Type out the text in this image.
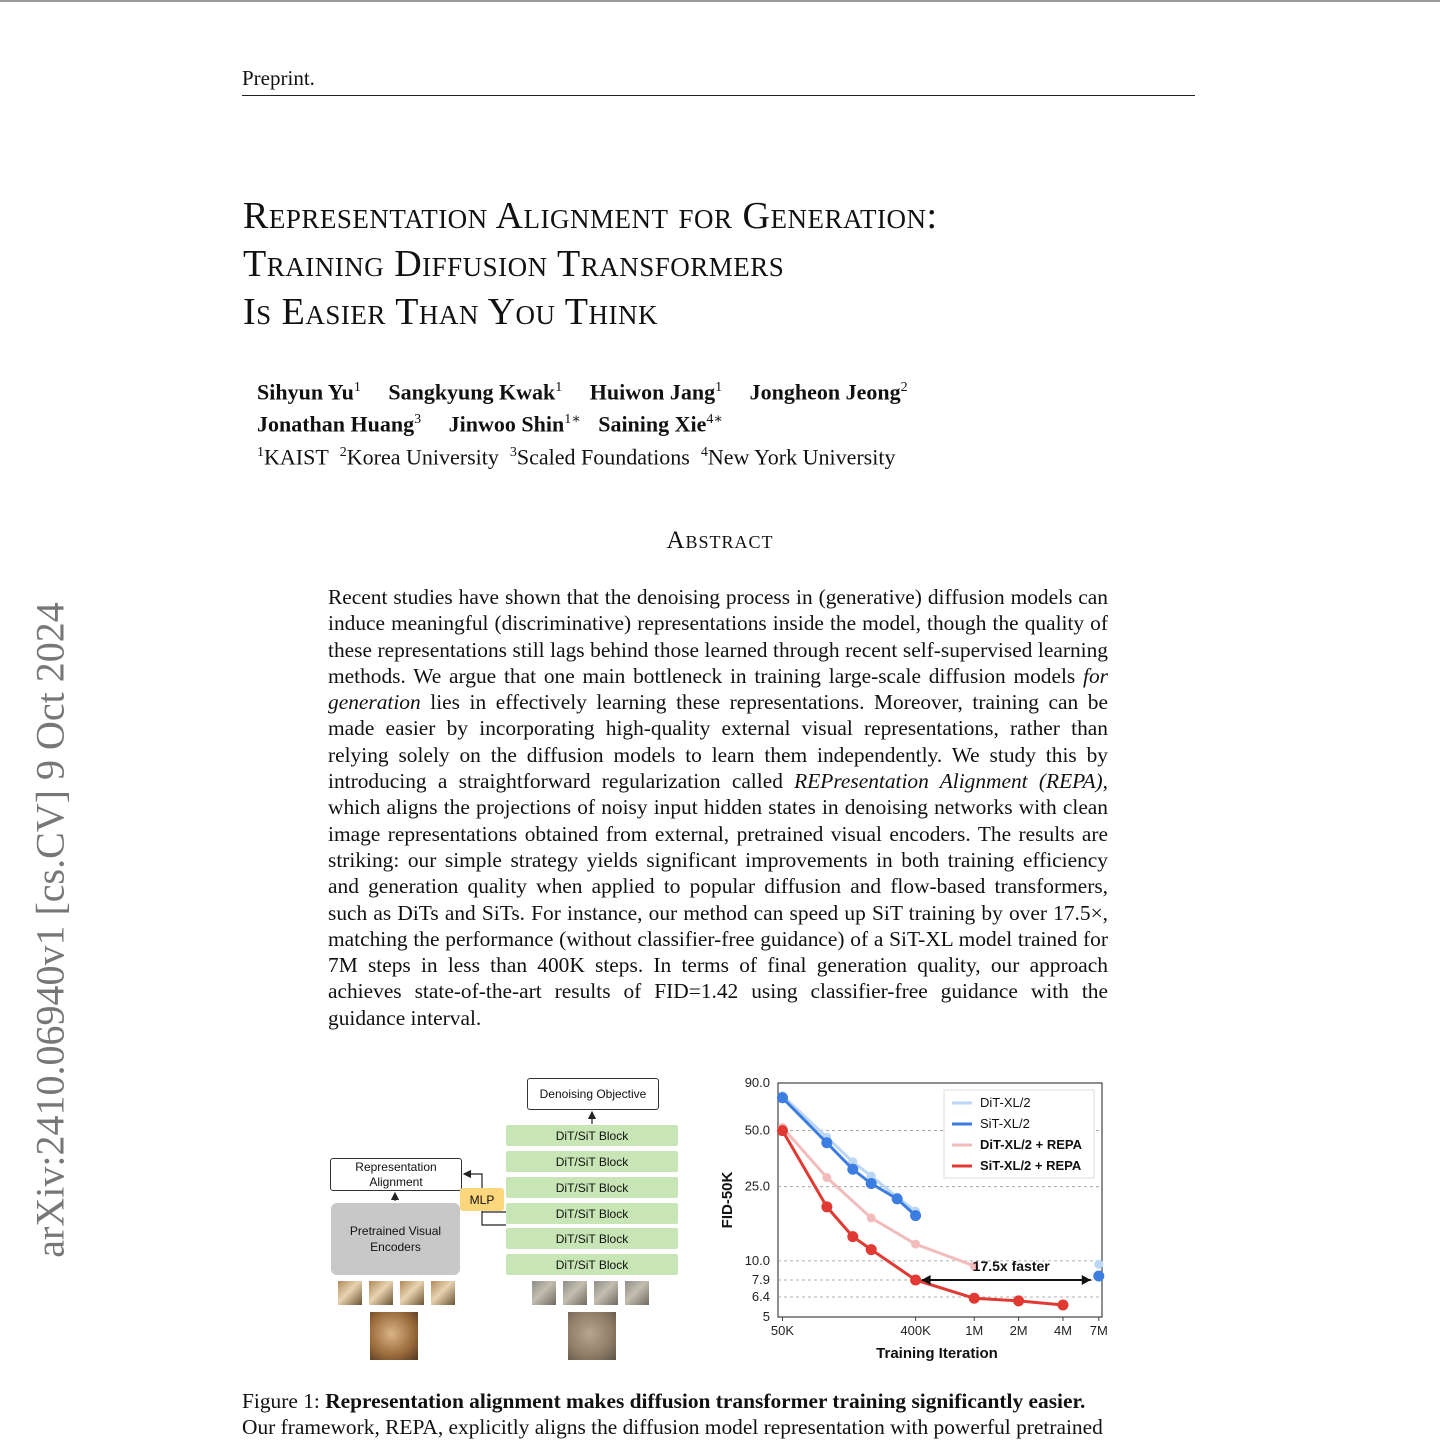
Preprint.
Representation Alignment for Generation:
Training Diffusion Transformers
Is Easier Than You Think
Sihyun Yu$^1$ Sangkyung Kwak$^1$ Huiwon Jang$^1$ Jongheon Jeong$^2$
Jonathan Huang$^3$ Jinwoo Shin$^{1∗}$ Saining Xie$^{4∗}$
$^1$KAIST $^2$Korea University $^3$Scaled Foundations $^4$New York University
arXiv:2410.06940v1 [cs.CV] 9 Oct 2024
Abstract

Recent studies have shown that the denoising process in (generative) diffusion models can induce meaningful (discriminative) representations inside the model, though the quality of these representations still lags behind those learned through recent self-supervised learning methods. We argue that one main bottleneck in training large-scale diffusion models for generation lies in effectively learning these representations. Moreover, training can be made easier by incorporating high-quality external visual representations, rather than relying solely on the diffusion models to learn them independently. We study this by introducing a straightforward regularization called REPresentation Alignment (REPA), which aligns the projections of noisy input hidden states in denoising networks with clean image representations obtained from external, pretrained visual encoders. The results are striking: our simple strategy yields significant improvements in both training efficiency and generation quality when applied to popular diffusion and flow-based transformers, such as DiTs and SiTs. For instance, our method can speed up SiT training by over 17.5×, matching the performance (without classifier-free guidance) of a SiT-XL model trained for 7M steps in less than 400K steps. In terms of final generation quality, our approach achieves state-of-the-art results of FID=1.42 using classifier-free guidance with the guidance interval.

Denoising Objective
DiT/SiT Block
DiT/SiT Block
DiT/SiT Block
DiT/SiT Block
DiT/SiT Block
DiT/SiT Block
Representation Alignment
Pretrained Visual Encoders
MLP
90.0
50.0
25.0
10.0
7.9
6.4
5
50K	400K	1M 2M 4M 7M
Training Iteration
FID-50K
17.5x faster
DiT-XL/2
SiT-XL/2
DiT-XL/2 + REPA
SiT-XL/2 + REPA

Figure 1: Representation alignment makes diffusion transformer training significantly easier.

Our framework, REPA, explicitly aligns the diffusion model representation with powerful pretrained
